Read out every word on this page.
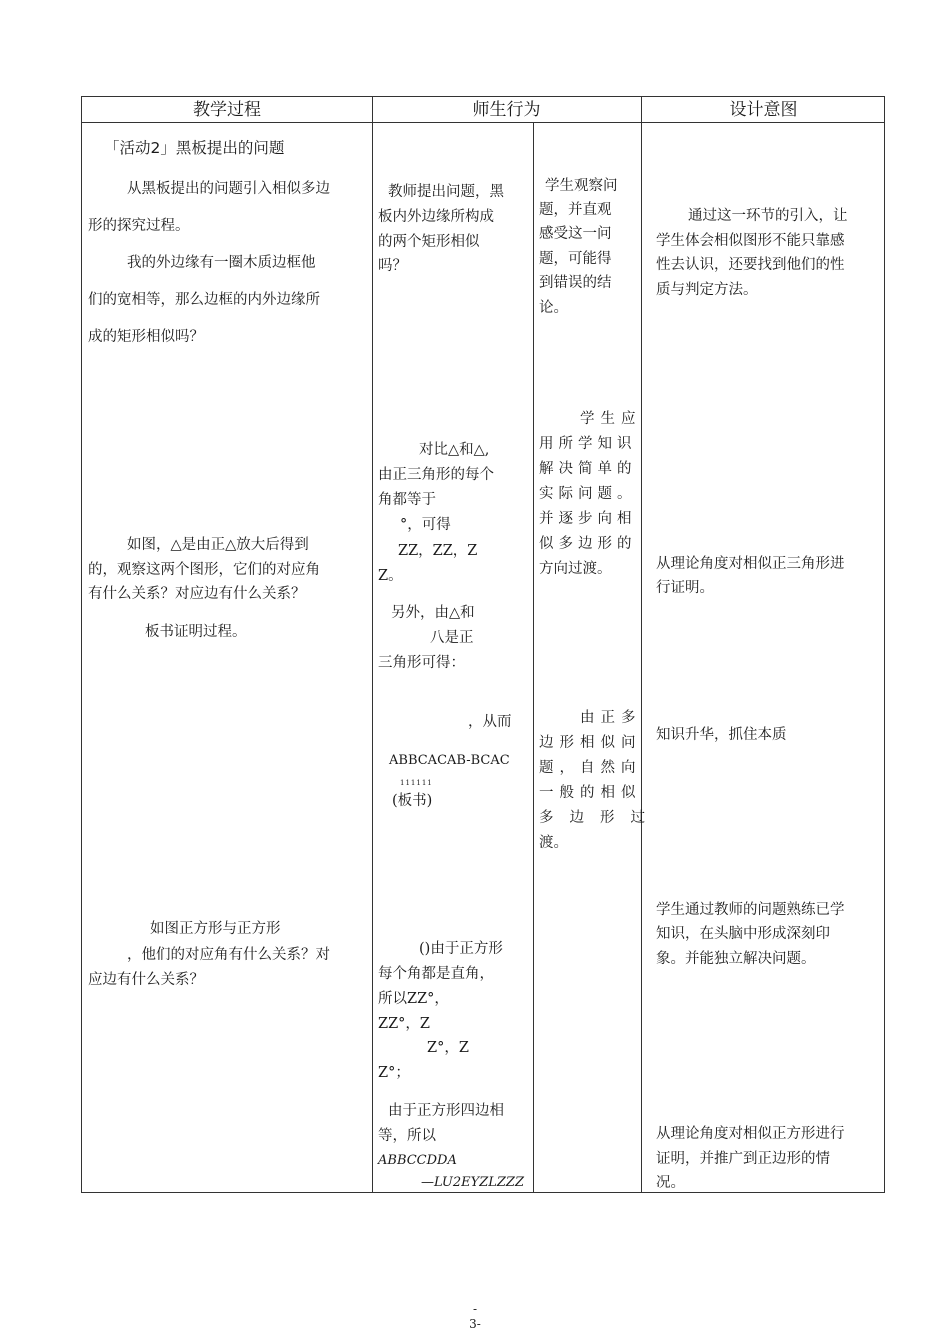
教学过程	师生行为	设计意图
「活动2」黑板提出的问题
从黑板提出的问题引入相似多边
形的探究过程。
我的外边缘有一圈木质边框他
们的宽相等，那么边框的内外边缘所
成的矩形相似吗？
如图，△是由正△放大后得到
的，观察这两个图形，它们的对应角
有什么关系？对应边有什么关系？
板书证明过程。
如图正方形与正方形
，他们的对应角有什么关系？对
应边有什么关系？
教师提出问题，黑
板内外边缘所构成
的两个矩形相似
吗？
对比△和△,
由正三角形的每个
角都等于
°，可得
ZZ，ZZ，Z
Z。
另外，由△和
八是正
三角形可得：
，从而
ABBCACAB-BCAC
111111
(板书)
()由于正方形
每个角都是直角，
所以ZZ°，
ZZ°，Z
Z°，Z
Z°；
由于正方形四边相
等，所以
ABBCCDDA
—LU2EYZLZZZ
学生观察问
题，并直观
感受这一问
题，可能得
到错误的结
论。
学生应
用所学知识
解决简单的
实际问题。
并逐步向相
似多边形的
方向过渡。
由正多
边形相似问
题，自然向
一般的相似
多边形过
渡。
通过这一环节的引入，让
学生体会相似图形不能只靠感
性去认识，还要找到他们的性
质与判定方法。
从理论角度对相似正三角形进
行证明。
知识升华，抓住本质
学生通过教师的问题熟练已学
知识，在头脑中形成深刻印
象。并能独立解决问题。
从理论角度对相似正方形进行
证明，并推广到正边形的情
况。
-
3-
